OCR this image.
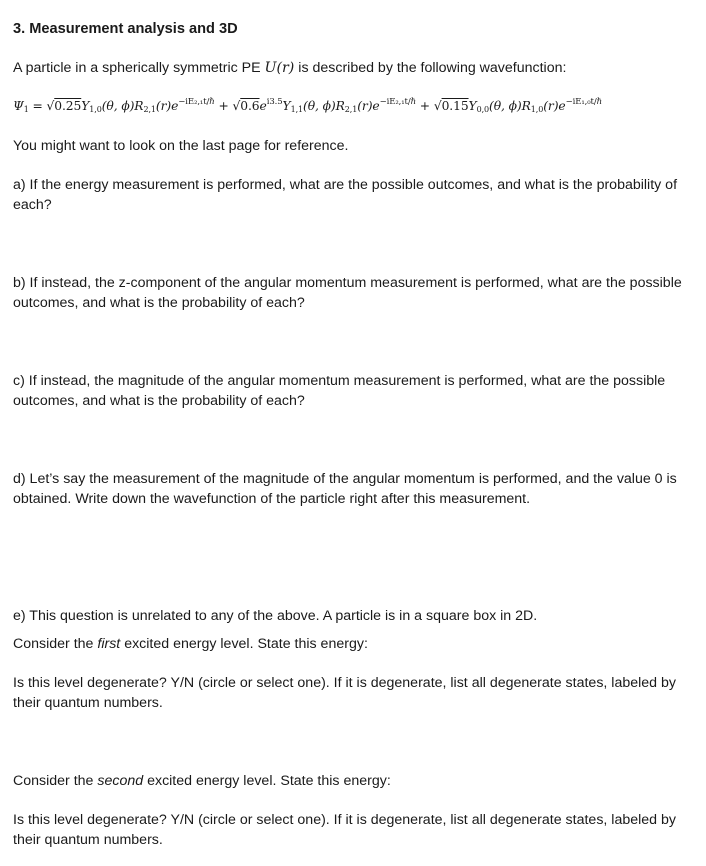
3. Measurement analysis and 3D
A particle in a spherically symmetric PE U(r) is described by the following wavefunction:
$\Psi_1 = √0.25Y_{1,0}(\theta$, $\phi)R_{2,1}(r)e^{-iE_2,_1t/\hbar} + √0.6e^{i3.5}Y_{1,1}(\theta$, $\phi)R_{2,1}(r)e^{-iE_2,_1t/\hbar} + √0.15Y_{0,0}(\theta$, $\phi)R_{1,0}(r)e^{-iE_1,_0t/\hbar}$
You might want to look on the last page for reference.
a) If the energy measurement is performed, what are the possible outcomes, and what is the probability of each?
b) If instead, the z-component of the angular momentum measurement is performed, what are the possible outcomes, and what is the probability of each?
c) If instead, the magnitude of the angular momentum measurement is performed, what are the possible outcomes, and what is the probability of each?
d) Let’s say the measurement of the magnitude of the angular momentum is performed, and the value 0 is obtained. Write down the wavefunction of the particle right after this measurement.
e) This question is unrelated to any of the above. A particle is in a square box in 2D.
Consider the first excited energy level. State this energy:
Is this level degenerate? Y/N (circle or select one). If it is degenerate, list all degenerate states, labeled by their quantum numbers.
Consider the second excited energy level. State this energy:
Is this level degenerate? Y/N (circle or select one). If it is degenerate, list all degenerate states, labeled by their quantum numbers.
